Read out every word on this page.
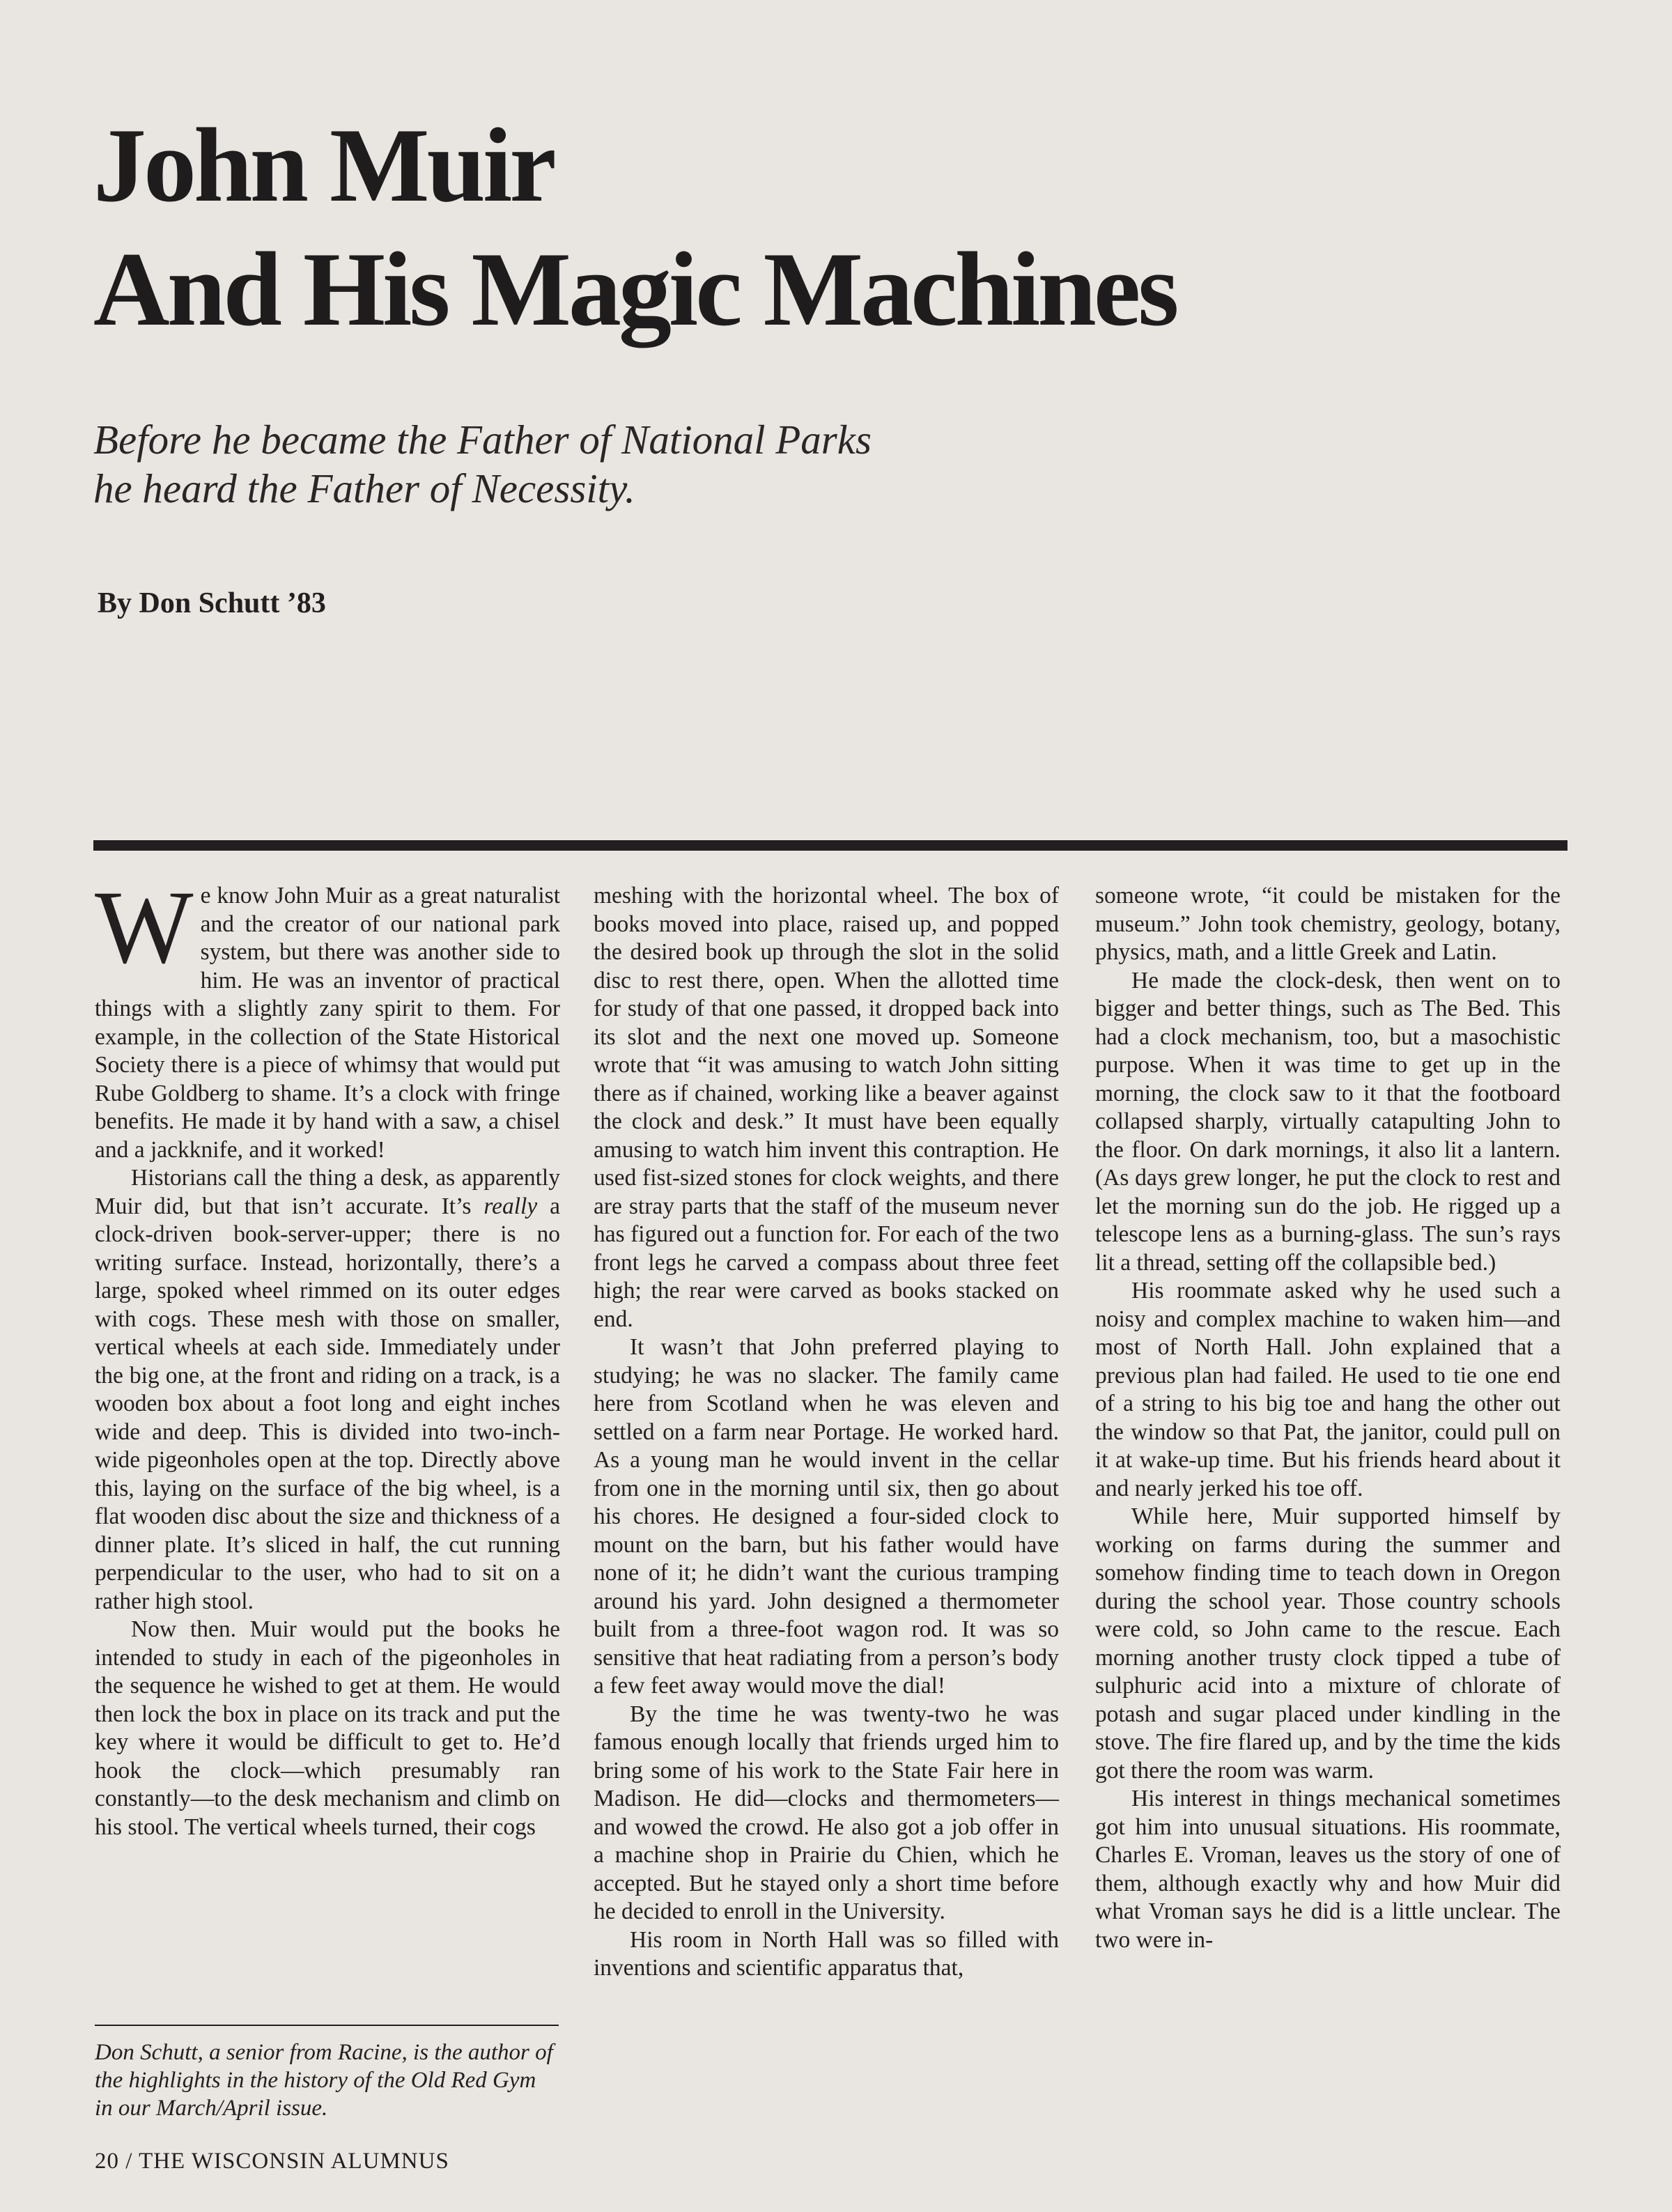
John Muir
And His Magic Machines

Before he became the Father of National Parks
he heard the Father of Necessity.

By Don Schutt ’83

We know John Muir as a great naturalist and the creator of our national park system, but there was another side to him. He was an inventor of practical things with a slightly zany spirit to them. For example, in the collection of the State Historical Society there is a piece of whimsy that would put Rube Goldberg to shame. It’s a clock with fringe benefits. He made it by hand with a saw, a chisel and a jackknife, and it worked!

Historians call the thing a desk, as apparently Muir did, but that isn’t accurate. It’s really a clock-driven book-server-upper; there is no writing surface. Instead, horizontally, there’s a large, spoked wheel rimmed on its outer edges with cogs. These mesh with those on smaller, vertical wheels at each side. Immediately under the big one, at the front and riding on a track, is a wooden box about a foot long and eight inches wide and deep. This is divided into two-inch-wide pigeonholes open at the top. Directly above this, laying on the surface of the big wheel, is a flat wooden disc about the size and thickness of a dinner plate. It’s sliced in half, the cut running perpendicular to the user, who had to sit on a rather high stool.

Now then. Muir would put the books he intended to study in each of the pigeonholes in the sequence he wished to get at them. He would then lock the box in place on its track and put the key where it would be difficult to get to. He’d hook the clock—which presumably ran constantly—to the desk mechanism and climb on his stool. The vertical wheels turned, their cogs

meshing with the horizontal wheel. The box of books moved into place, raised up, and popped the desired book up through the slot in the solid disc to rest there, open. When the allotted time for study of that one passed, it dropped back into its slot and the next one moved up. Someone wrote that “it was amusing to watch John sitting there as if chained, working like a beaver against the clock and desk.” It must have been equally amusing to watch him invent this contraption. He used fist-sized stones for clock weights, and there are stray parts that the staff of the museum never has figured out a function for. For each of the two front legs he carved a compass about three feet high; the rear were carved as books stacked on end.

It wasn’t that John preferred playing to studying; he was no slacker. The family came here from Scotland when he was eleven and settled on a farm near Portage. He worked hard. As a young man he would invent in the cellar from one in the morning until six, then go about his chores. He designed a four-sided clock to mount on the barn, but his father would have none of it; he didn’t want the curious tramping around his yard. John designed a thermometer built from a three-foot wagon rod. It was so sensitive that heat radiating from a person’s body a few feet away would move the dial!

By the time he was twenty-two he was famous enough locally that friends urged him to bring some of his work to the State Fair here in Madison. He did—clocks and thermometers—and wowed the crowd. He also got a job offer in a machine shop in Prairie du Chien, which he accepted. But he stayed only a short time before he decided to enroll in the University.

His room in North Hall was so filled with inventions and scientific apparatus that,

someone wrote, “it could be mistaken for the museum.” John took chemistry, geology, botany, physics, math, and a little Greek and Latin.

He made the clock-desk, then went on to bigger and better things, such as The Bed. This had a clock mechanism, too, but a masochistic purpose. When it was time to get up in the morning, the clock saw to it that the footboard collapsed sharply, virtually catapulting John to the floor. On dark mornings, it also lit a lantern. (As days grew longer, he put the clock to rest and let the morning sun do the job. He rigged up a telescope lens as a burning-glass. The sun’s rays lit a thread, setting off the collapsible bed.)

His roommate asked why he used such a noisy and complex machine to waken him—and most of North Hall. John explained that a previous plan had failed. He used to tie one end of a string to his big toe and hang the other out the window so that Pat, the janitor, could pull on it at wake-up time. But his friends heard about it and nearly jerked his toe off.

While here, Muir supported himself by working on farms during the summer and somehow finding time to teach down in Oregon during the school year. Those country schools were cold, so John came to the rescue. Each morning another trusty clock tipped a tube of sulphuric acid into a mixture of chlorate of potash and sugar placed under kindling in the stove. The fire flared up, and by the time the kids got there the room was warm.

His interest in things mechanical sometimes got him into unusual situations. His roommate, Charles E. Vroman, leaves us the story of one of them, although exactly why and how Muir did what Vroman says he did is a little unclear. The two were in-

Don Schutt, a senior from Racine, is the author of the highlights in the history of the Old Red Gym in our March/April issue.

20 / THE WISCONSIN ALUMNUS
